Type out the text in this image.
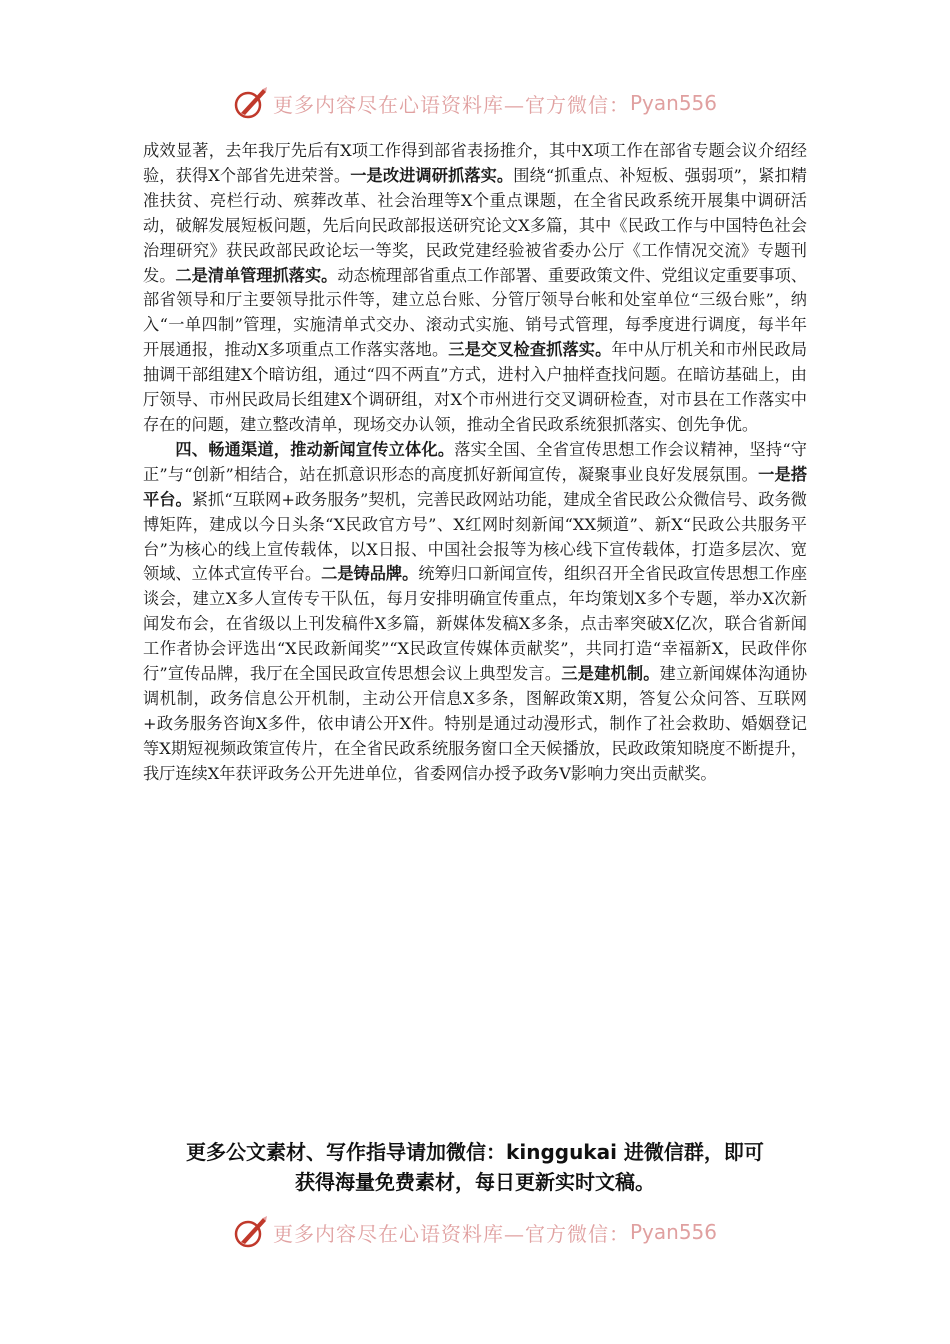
更多内容尽在心语资料库—官方微信： Pyan556

成效显著，去年我厅先后有X项工作得到部省表扬推介，其中X项工作在部省专题会议介绍经验，获得X个部省先进荣誉。一是改进调研抓落实。围绕“抓重点、补短板、强弱项”，紧扣精准扶贫、亮栏行动、殡葬改革、社会治理等X个重点课题，在全省民政系统开展集中调研活动，破解发展短板问题，先后向民政部报送研究论文X多篇，其中《民政工作与中国特色社会治理研究》获民政部民政论坛一等奖，民政党建经验被省委办公厅《工作情况交流》专题刊发。二是清单管理抓落实。动态梳理部省重点工作部署、重要政策文件、党组议定重要事项、部省领导和厅主要领导批示件等，建立总台账、分管厅领导台帐和处室单位“三级台账”，纳入“一单四制”管理，实施清单式交办、滚动式实施、销号式管理，每季度进行调度，每半年开展通报，推动X多项重点工作落实落地。三是交叉检查抓落实。年中从厅机关和市州民政局抽调干部组建X个暗访组，通过“四不两直”方式，进村入户抽样查找问题。在暗访基础上，由厅领导、市州民政局长组建X个调研组，对X个市州进行交叉调研检查，对市县在工作落实中存在的问题，建立整改清单，现场交办认领，推动全省民政系统狠抓落实、创先争优。

四、畅通渠道，推动新闻宣传立体化。落实全国、全省宣传思想工作会议精神，坚持“守正”与“创新”相结合，站在抓意识形态的高度抓好新闻宣传，凝聚事业良好发展氛围。一是搭平台。紧抓“互联网+政务服务”契机，完善民政网站功能，建成全省民政公众微信号、政务微博矩阵，建成以今日头条“X民政官方号”、X红网时刻新闻“XX频道”、新X“民政公共服务平台”为核心的线上宣传载体，以X日报、中国社会报等为核心线下宣传载体，打造多层次、宽领域、立体式宣传平台。二是铸品牌。统筹归口新闻宣传，组织召开全省民政宣传思想工作座谈会，建立X多人宣传专干队伍，每月安排明确宣传重点，年均策划X多个专题，举办X次新闻发布会，在省级以上刊发稿件X多篇，新媒体发稿X多条，点击率突破X亿次，联合省新闻工作者协会评选出“X民政新闻奖”“X民政宣传媒体贡献奖”，共同打造“幸福新X，民政伴你行”宣传品牌，我厅在全国民政宣传思想会议上典型发言。三是建机制。建立新闻媒体沟通协调机制，政务信息公开机制，主动公开信息X多条，图解政策X期，答复公众问答、互联网+政务服务咨询X多件，依申请公开X件。特别是通过动漫形式，制作了社会救助、婚姻登记等X期短视频政策宣传片，在全省民政系统服务窗口全天候播放，民政政策知晓度不断提升，我厅连续X年获评政务公开先进单位，省委网信办授予政务V影响力突出贡献奖。

更多公文素材、写作指导请加微信：kinggukai 进微信群，即可
获得海量免费素材，每日更新实时文稿。
更多内容尽在心语资料库—官方微信： Pyan556
